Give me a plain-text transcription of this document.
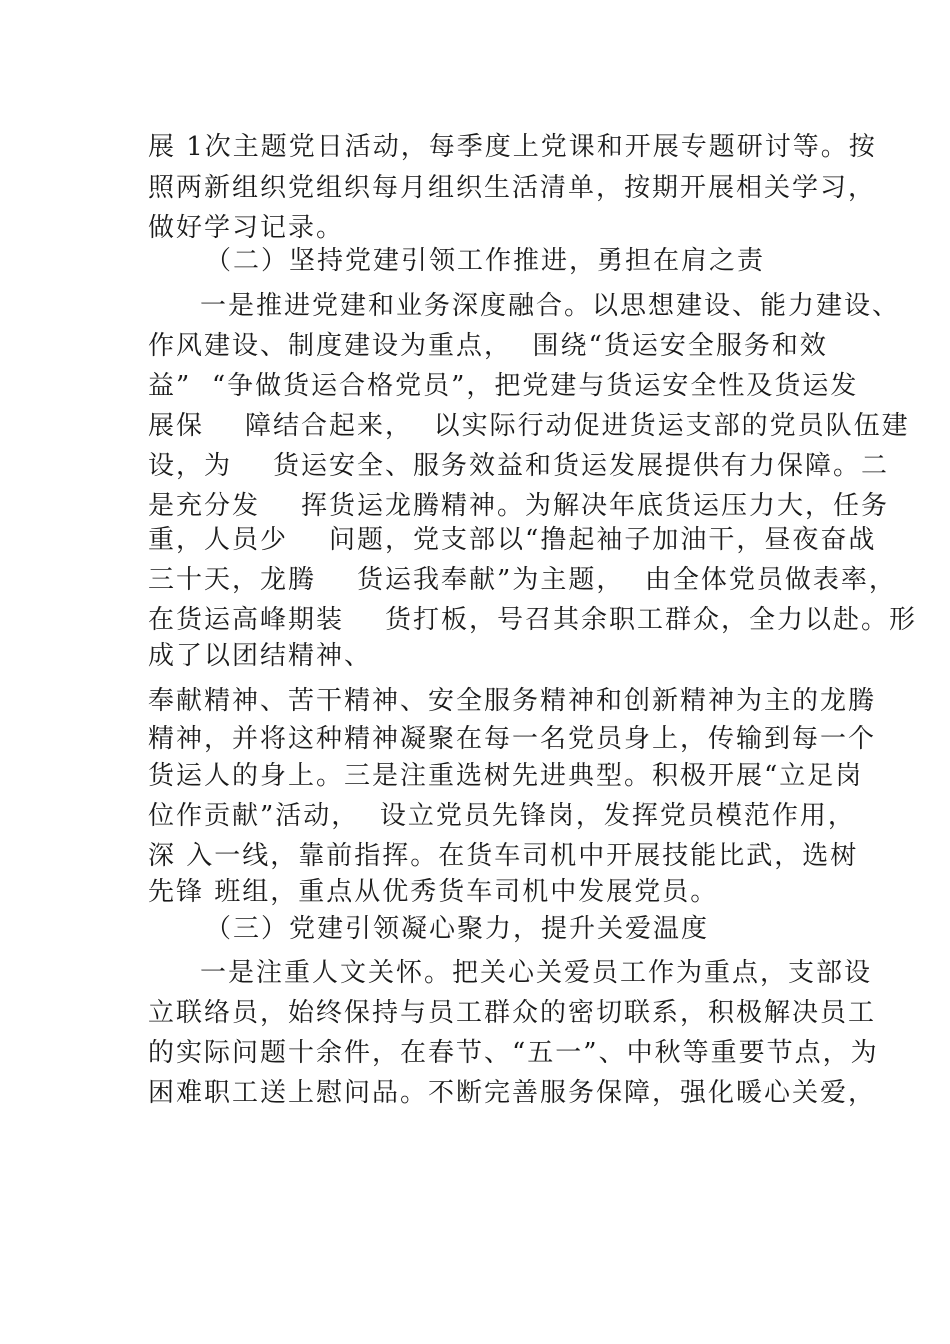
展 1次主题党日活动，每季度上党课和开展专题研讨等。按
照两新组织党组织每月组织生活清单，按期开展相关学习，
做好学习记录。
（二）坚持党建引领工作推进，勇担在肩之责
一是推进党建和业务深度融合。以思想建设、能力建设、
作风建设、制度建设为重点，  围绕“货运安全服务和效
益”  “争做货运合格党员”，把党建与货运安全性及货运发
展保    障结合起来，  以实际行动促进货运支部的党员队伍建
设，为    货运安全、服务效益和货运发展提供有力保障。二
是充分发    挥货运龙腾精神。为解决年底货运压力大，任务
重，人员少    问题，党支部以“撸起袖子加油干，昼夜奋战
三十天，龙腾    货运我奉献”为主题，  由全体党员做表率，
在货运高峰期装    货打板，号召其余职工群众，全力以赴。形
成了以团结精神、
奉献精神、苦干精神、安全服务精神和创新精神为主的龙腾
精神，并将这种精神凝聚在每一名党员身上，传输到每一个
货运人的身上。三是注重选树先进典型。积极开展“立足岗
位作贡献”活动，  设立党员先锋岗，发挥党员模范作用，
深 入一线，靠前指挥。在货车司机中开展技能比武，选树
先锋 班组，重点从优秀货车司机中发展党员。
（三）党建引领凝心聚力，提升关爱温度
一是注重人文关怀。把关心关爱员工作为重点，支部设
立联络员，始终保持与员工群众的密切联系，积极解决员工
的实际问题十余件，在春节、“五一”、中秋等重要节点，为
困难职工送上慰问品。不断完善服务保障，强化暖心关爱，
